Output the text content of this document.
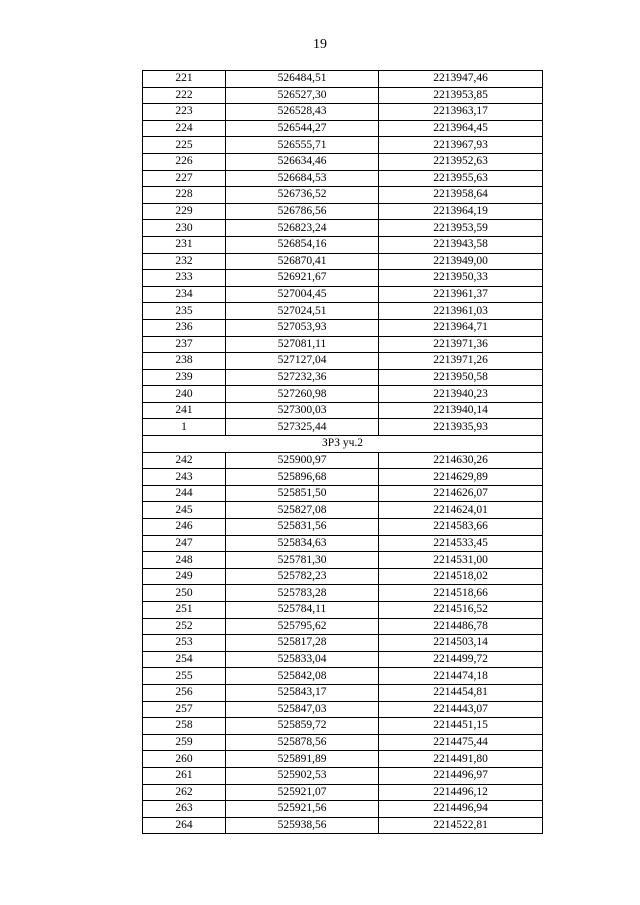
19
221	526484,51	2213947,46
222	526527,30	2213953,85
223	526528,43	2213963,17
224	526544,27	2213964,45
225	526555,71	2213967,93
226	526634,46	2213952,63
227	526684,53	2213955,63
228	526736,52	2213958,64
229	526786,56	2213964,19
230	526823,24	2213953,59
231	526854,16	2213943,58
232	526870,41	2213949,00
233	526921,67	2213950,33
234	527004,45	2213961,37
235	527024,51	2213961,03
236	527053,93	2213964,71
237	527081,11	2213971,36
238	527127,04	2213971,26
239	527232,36	2213950,58
240	527260,98	2213940,23
241	527300,03	2213940,14
1	527325,44	2213935,93
ЗРЗ уч.2		
242	525900,97	2214630,26
243	525896,68	2214629,89
244	525851,50	2214626,07
245	525827,08	2214624,01
246	525831,56	2214583,66
247	525834,63	2214533,45
248	525781,30	2214531,00
249	525782,23	2214518,02
250	525783,28	2214518,66
251	525784,11	2214516,52
252	525795,62	2214486,78
253	525817,28	2214503,14
254	525833,04	2214499,72
255	525842,08	2214474,18
256	525843,17	2214454,81
257	525847,03	2214443,07
258	525859,72	2214451,15
259	525878,56	2214475,44
260	525891,89	2214491,80
261	525902,53	2214496,97
262	525921,07	2214496,12
263	525921,56	2214496,94
264	525938,56	2214522,81
